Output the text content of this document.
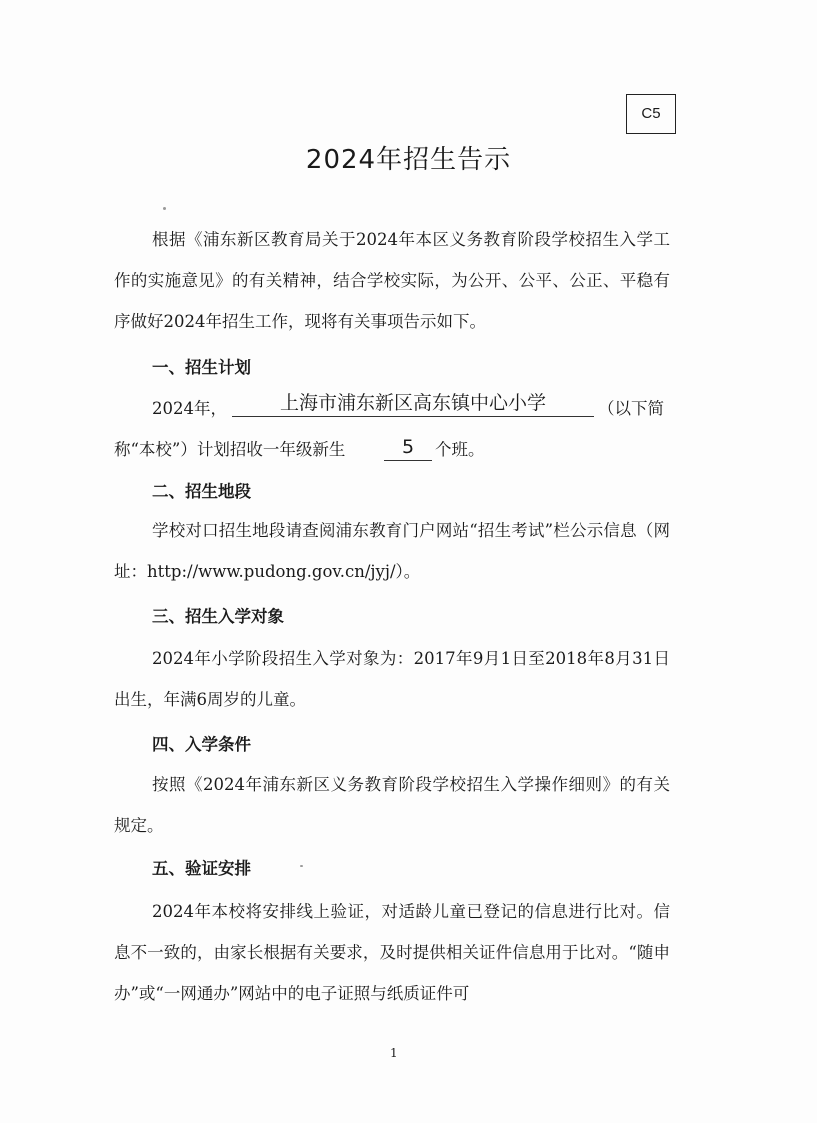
C5
2024年招生告示

根据《浦东新区教育局关于2024年本区义务教育阶段学校招生入学工作的实施意见》的有关精神，结合学校实际，为公开、公平、公正、平稳有序做好2024年招生工作，现将有关事项告示如下。

一、招生计划
2024年，	上海市浦东新区高东镇中心小学	（以下简
称“本校”）计划招收一年级新生	5	个班。
二、招生地段

学校对口招生地段请查阅浦东教育门户网站“招生考试”栏公示信息（网址：http://www.pudong.gov.cn/jyj/）。

三、招生入学对象

2024年小学阶段招生入学对象为：2017年9月1日至2018年8月31日出生，年满6周岁的儿童。

四、入学条件

按照《2024年浦东新区义务教育阶段学校招生入学操作细则》的有关规定。

五、验证安排

2024年本校将安排线上验证，对适龄儿童已登记的信息进行比对。信息不一致的，由家长根据有关要求，及时提供相关证件信息用于比对。“随申办”或“一网通办”网站中的电子证照与纸质证件可

1
